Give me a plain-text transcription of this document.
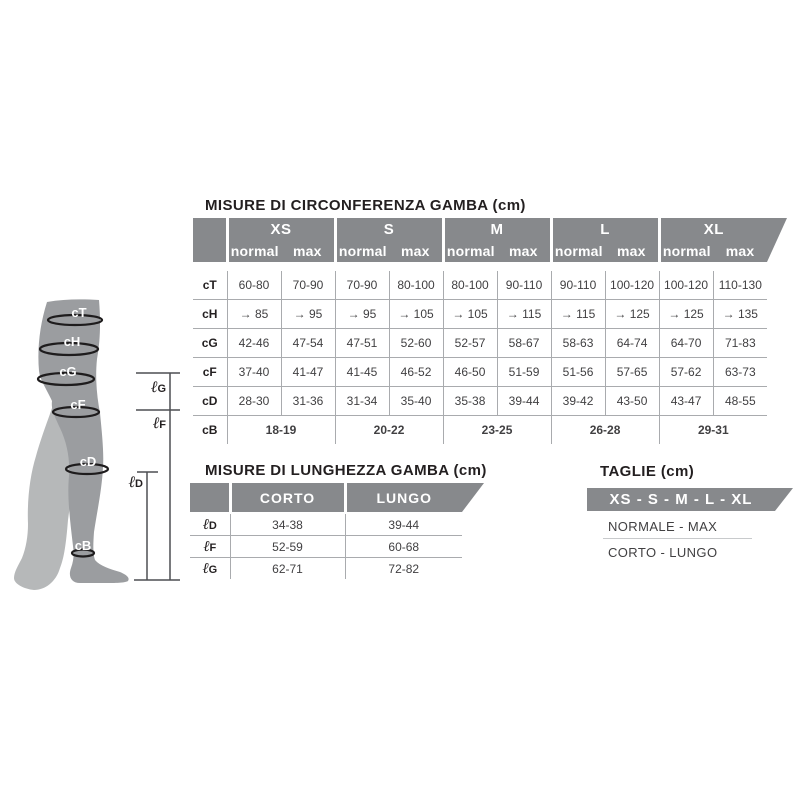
cT
cH
cG
cF
cD
cB
ℓG
ℓF
ℓD
MISURE DI CIRCONFERENZA GAMBA (cm)
	XS		S		M		L		XL	
	normal	max	normal	max	normal	max	normal	max	normal	max

cT	60-80	70-90	70-90	80-100	80-100	90-110	90-110	100-120	100-120	110-130
cH	→ 85	→ 95	→ 95	→ 105	→ 105	→ 115	→ 115	→ 125	→ 125	→ 135
cG	42-46	47-54	47-51	52-60	52-57	58-67	58-63	64-74	64-70	71-83
cF	37-40	41-47	41-45	46-52	46-50	51-59	51-56	57-65	57-62	63-73
cD	28-30	31-36	31-34	35-40	35-38	39-44	39-42	43-50	43-47	48-55
cB	18-19		20-22		23-25		26-28		29-31	
MISURE DI LUNGHEZZA GAMBA (cm)
	CORTO	LUNGO

ℓD	34-38	39-44
ℓF	52-59	60-68
ℓG	62-71	72-82
TAGLIE (cm)
XS - S - M - L - XL
NORMALE - MAX
CORTO - LUNGO
